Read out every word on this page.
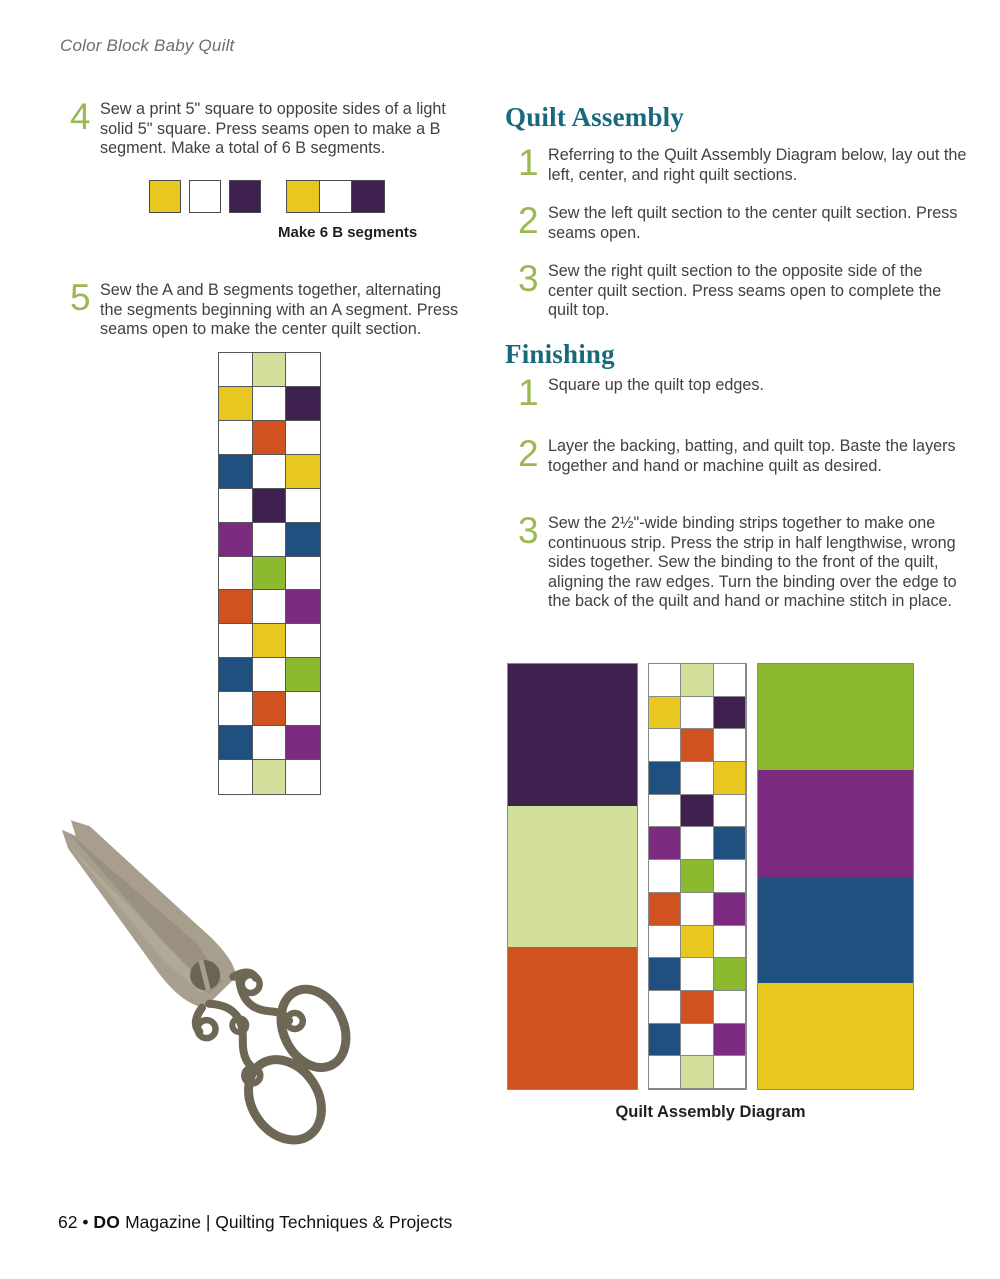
Color Block Baby Quilt
4 Sew a print 5" square to opposite sides of a light solid 5" square. Press seams open to make a B segment. Make a total of 6 B segments.
Make 6 B segments
5 Sew the A and B segments together, alternating the segments beginning with an A segment. Press seams open to make the center quilt section.
Quilt Assembly
1 Referring to the Quilt Assembly Diagram below, lay out the left, center, and right quilt sections.
2 Sew the left quilt section to the center quilt section. Press seams open.
3 Sew the right quilt section to the opposite side of the center quilt section. Press seams open to complete the quilt top.
Finishing
1 Square up the quilt top edges.
2 Layer the backing, batting, and quilt top. Baste the layers together and hand or machine quilt as desired.
3 Sew the 2½"-wide binding strips together to make one continuous strip. Press the strip in half lengthwise, wrong sides together. Sew the binding to the front of the quilt, aligning the raw edges. Turn the binding over the edge to the back of the quilt and hand or machine stitch in place.
Quilt Assembly Diagram
62 • DO Magazine | Quilting Techniques & Projects
